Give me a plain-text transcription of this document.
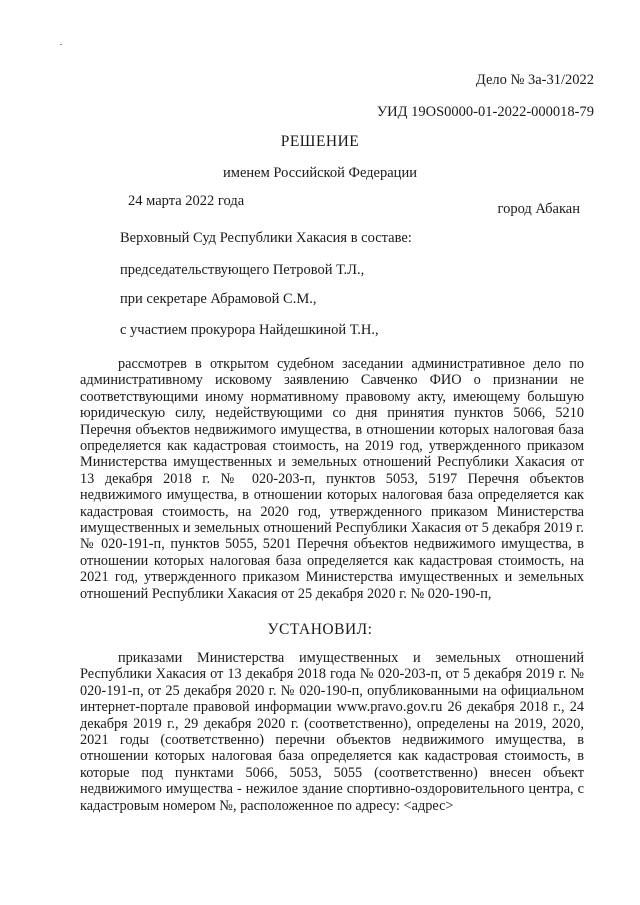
Дело № 3а-31/2022
УИД 19OS0000-01-2022-000018-79
РЕШЕНИЕ
именем Российской Федерации
24 марта 2022 года	город Абакан
Верховный Суд Республики Хакасия в составе:
председательствующего Петровой Т.Л.,
при секретаре Абрамовой С.М.,
с участием прокурора Найдешкиной Т.Н.,
рассмотрев в открытом судебном заседании административное дело по административному исковому заявлению Савченко ФИО о признании не соответствующими иному нормативному правовому акту, имеющему большую юридическую силу, недействующими со дня принятия пунктов 5066, 5210 Перечня объектов недвижимого имущества, в отношении которых налоговая база определяется как кадастровая стоимость, на 2019 год, утвержденного приказом Министерства имущественных и земельных отношений Республики Хакасия от 13 декабря 2018 г. № 020-203-п, пунктов 5053, 5197 Перечня объектов недвижимого имущества, в отношении которых налоговая база определяется как кадастровая стоимость, на 2020 год, утвержденного приказом Министерства имущественных и земельных отношений Республики Хакасия от 5 декабря 2019 г. № 020-191-п, пунктов 5055, 5201 Перечня объектов недвижимого имущества, в отношении которых налоговая база определяется как кадастровая стоимость, на 2021 год, утвержденного приказом Министерства имущественных и земельных отношений Республики Хакасия от 25 декабря 2020 г. № 020-190-п,
УСТАНОВИЛ:
приказами Министерства имущественных и земельных отношений Республики Хакасия от 13 декабря 2018 года № 020-203-п, от 5 декабря 2019 г. № 020-191-п, от 25 декабря 2020 г. № 020-190-п, опубликованными на официальном интернет-портале правовой информации www.pravo.gov.ru 26 декабря 2018 г., 24 декабря 2019 г., 29 декабря 2020 г. (соответственно), определены на 2019, 2020, 2021 годы (соответственно) перечни объектов недвижимого имущества, в отношении которых налоговая база определяется как кадастровая стоимость, в которые под пунктами 5066, 5053, 5055 (соответственно) внесен объект недвижимого имущества - нежилое здание спортивно-оздоровительного центра, с кадастровым номером №, расположенное по адресу: <адрес>
